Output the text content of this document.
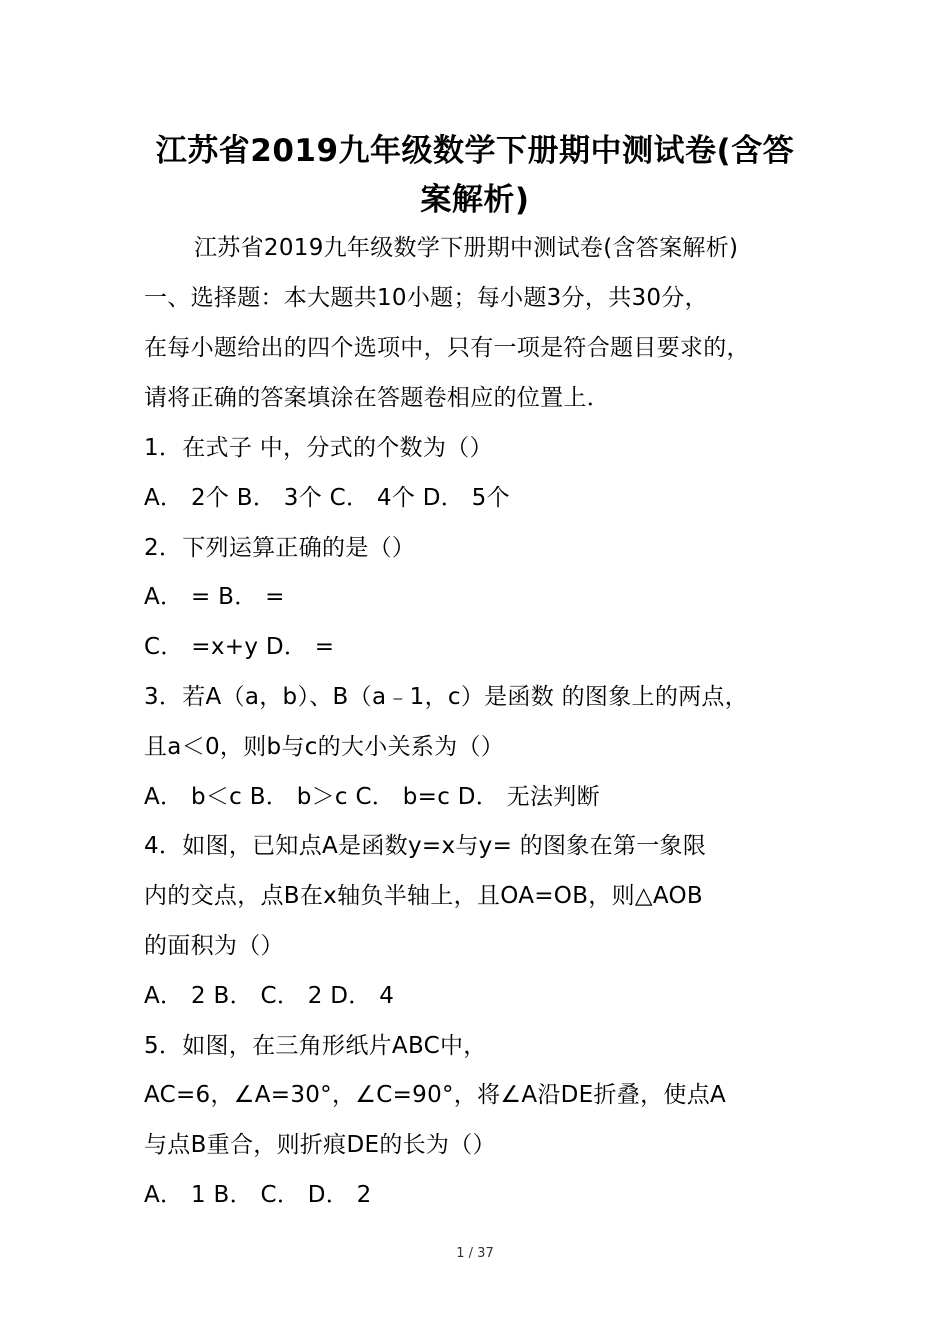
江苏省2019九年级数学下册期中测试卷(含答
案解析)

江苏省2019九年级数学下册期中测试卷(含答案解析)

一、选择题：本大题共10小题；每小题3分，共30分，

在每小题给出的四个选项中，只有一项是符合题目要求的，

请将正确的答案填涂在答题卷相应的位置上．

1．在式子 中，分式的个数为（）

A． 2个 B． 3个 C． 4个 D． 5个

2．下列运算正确的是（）

A． = B． =

C． =x+y D． =

3．若A（a，b）、B（a﹣1，c）是函数 的图象上的两点，

且a＜0，则b与c的大小关系为（）

A． b＜c B． b＞c C． b=c D． 无法判断

4．如图，已知点A是函数y=x与y= 的图象在第一象限

内的交点，点B在x轴负半轴上，且OA=OB，则△AOB

的面积为（）

A． 2 B． C． 2 D． 4

5．如图，在三角形纸片ABC中，

AC=6，∠A=30°，∠C=90°，将∠A沿DE折叠，使点A

与点B重合，则折痕DE的长为（）

A． 1 B． C． D． 2

1 / 37
